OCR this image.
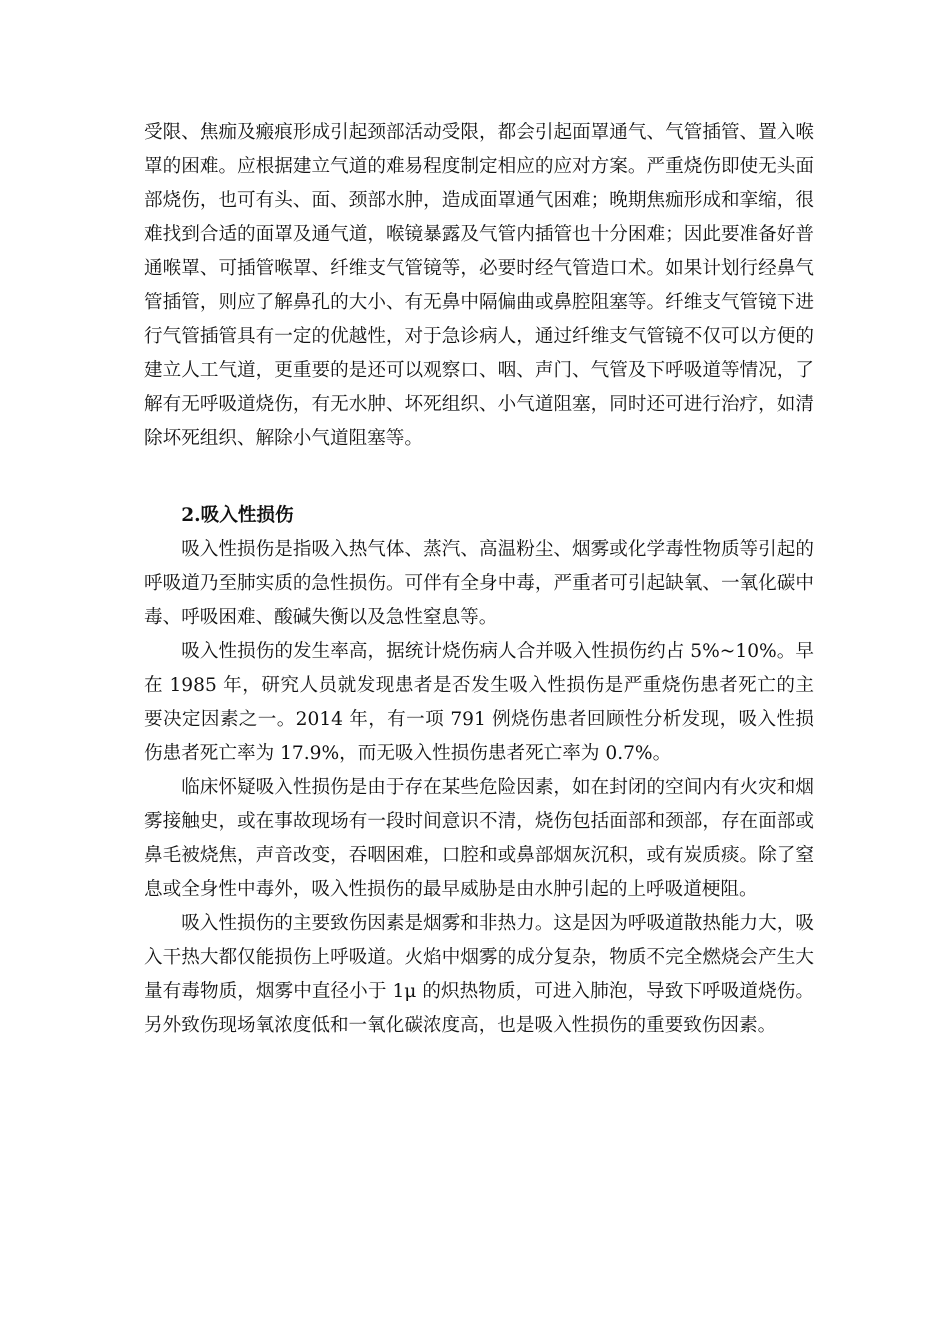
受限、焦痂及瘢痕形成引起颈部活动受限，都会引起面罩通气、气管插管、置入喉罩的困难。应根据建立气道的难易程度制定相应的应对方案。严重烧伤即使无头面部烧伤，也可有头、面、颈部水肿，造成面罩通气困难；晚期焦痂形成和挛缩，很难找到合适的面罩及通气道，喉镜暴露及气管内插管也十分困难；因此要准备好普通喉罩、可插管喉罩、纤维支气管镜等，必要时经气管造口术。如果计划行经鼻气管插管，则应了解鼻孔的大小、有无鼻中隔偏曲或鼻腔阻塞等。纤维支气管镜下进行气管插管具有一定的优越性，对于急诊病人，通过纤维支气管镜不仅可以方便的建立人工气道，更重要的是还可以观察口、咽、声门、气管及下呼吸道等情况，了解有无呼吸道烧伤，有无水肿、坏死组织、小气道阻塞，同时还可进行治疗，如清除坏死组织、解除小气道阻塞等。

2.吸入性损伤

吸入性损伤是指吸入热气体、蒸汽、高温粉尘、烟雾或化学毒性物质等引起的呼吸道乃至肺实质的急性损伤。可伴有全身中毒，严重者可引起缺氧、一氧化碳中毒、呼吸困难、酸碱失衡以及急性窒息等。

吸入性损伤的发生率高，据统计烧伤病人合并吸入性损伤约占 5%~10%。早在 1985 年，研究人员就发现患者是否发生吸入性损伤是严重烧伤患者死亡的主要决定因素之一。2014 年，有一项 791 例烧伤患者回顾性分析发现，吸入性损伤患者死亡率为 17.9%，而无吸入性损伤患者死亡率为 0.7%。

临床怀疑吸入性损伤是由于存在某些危险因素，如在封闭的空间内有火灾和烟雾接触史，或在事故现场有一段时间意识不清，烧伤包括面部和颈部，存在面部或鼻毛被烧焦，声音改变，吞咽困难，口腔和或鼻部烟灰沉积，或有炭质痰。除了窒息或全身性中毒外，吸入性损伤的最早威胁是由水肿引起的上呼吸道梗阻。

吸入性损伤的主要致伤因素是烟雾和非热力。这是因为呼吸道散热能力大，吸入干热大都仅能损伤上呼吸道。火焰中烟雾的成分复杂，物质不完全燃烧会产生大量有毒物质，烟雾中直径小于 1μ 的炽热物质，可进入肺泡，导致下呼吸道烧伤。另外致伤现场氧浓度低和一氧化碳浓度高，也是吸入性损伤的重要致伤因素。
